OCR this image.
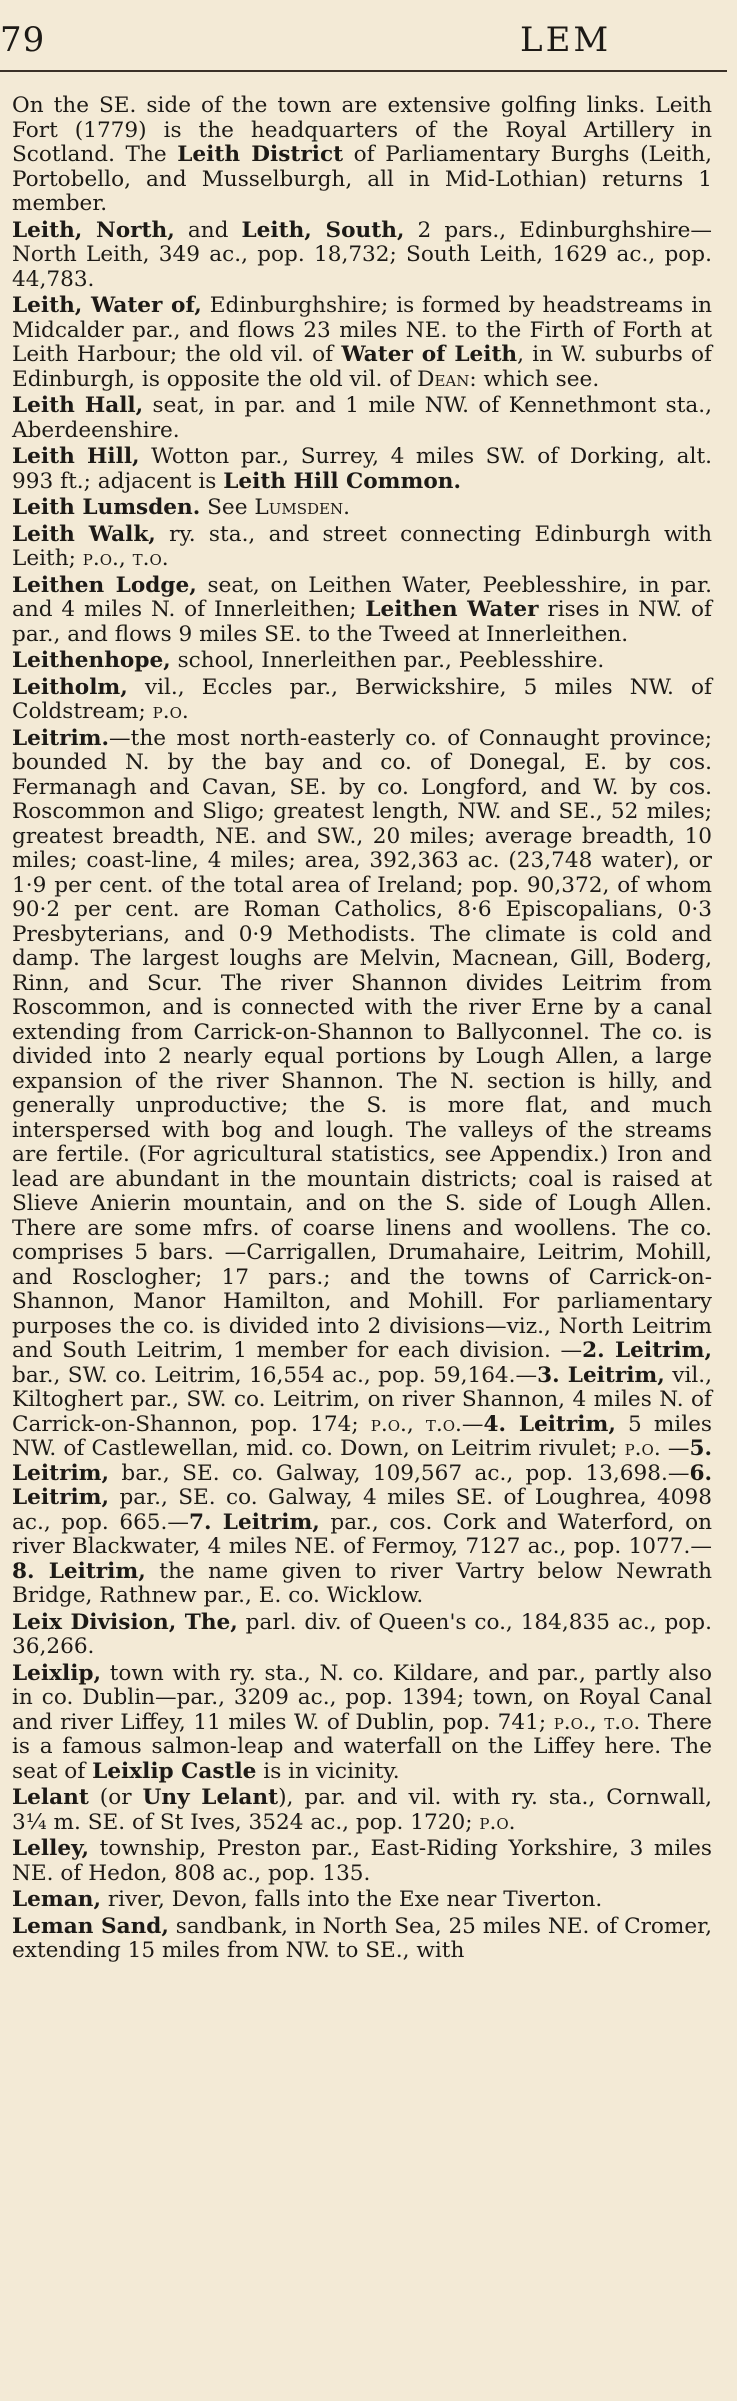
79	LEM

On the SE. side of the town are extensive golfing links. Leith Fort (1779) is the headquarters of the Royal Artillery in Scotland. The Leith District of Parliamentary Burghs (Leith, Portobello, and Musselburgh, all in Mid-Lothian) returns 1 member.

Leith, North, and Leith, South, 2 pars., Edinburghshire—North Leith, 349 ac., pop. 18,732; South Leith, 1629 ac., pop. 44,783.

Leith, Water of, Edinburghshire; is formed by headstreams in Midcalder par., and flows 23 miles NE. to the Firth of Forth at Leith Harbour; the old vil. of Water of Leith, in W. suburbs of Edinburgh, is opposite the old vil. of Dean: which see.

Leith Hall, seat, in par. and 1 mile NW. of Kennethmont sta., Aberdeenshire.

Leith Hill, Wotton par., Surrey, 4 miles SW. of Dorking, alt. 993 ft.; adjacent is Leith Hill Common.

Leith Lumsden. See Lumsden.

Leith Walk, ry. sta., and street connecting Edinburgh with Leith; p.o., t.o.

Leithen Lodge, seat, on Leithen Water, Peeblesshire, in par. and 4 miles N. of Innerleithen; Leithen Water rises in NW. of par., and flows 9 miles SE. to the Tweed at Innerleithen.

Leithenhope, school, Innerleithen par., Peeblesshire.

Leitholm, vil., Eccles par., Berwickshire, 5 miles NW. of Coldstream; p.o.

Leitrim.—the most north-easterly co. of Connaught province; bounded N. by the bay and co. of Donegal, E. by cos. Fermanagh and Cavan, SE. by co. Longford, and W. by cos. Roscommon and Sligo; greatest length, NW. and SE., 52 miles; greatest breadth, NE. and SW., 20 miles; average breadth, 10 miles; coast-line, 4 miles; area, 392,363 ac. (23,748 water), or 1·9 per cent. of the total area of Ireland; pop. 90,372, of whom 90·2 per cent. are Roman Catholics, 8·6 Episcopalians, 0·3 Presbyterians, and 0·9 Methodists. The climate is cold and damp. The largest loughs are Melvin, Macnean, Gill, Boderg, Rinn, and Scur. The river Shannon divides Leitrim from Roscommon, and is connected with the river Erne by a canal extending from Carrick-on-Shannon to Ballyconnel. The co. is divided into 2 nearly equal portions by Lough Allen, a large expansion of the river Shannon. The N. section is hilly, and generally unproductive; the S. is more flat, and much interspersed with bog and lough. The valleys of the streams are fertile. (For agricultural statistics, see Appendix.) Iron and lead are abundant in the mountain districts; coal is raised at Slieve Anierin mountain, and on the S. side of Lough Allen. There are some mfrs. of coarse linens and woollens. The co. comprises 5 bars. —Carrigallen, Drumahaire, Leitrim, Mohill, and Rosclogher; 17 pars.; and the towns of Carrick-on-Shannon, Manor Hamilton, and Mohill. For parliamentary purposes the co. is divided into 2 divisions—viz., North Leitrim and South Leitrim, 1 member for each division. —2. Leitrim, bar., SW. co. Leitrim, 16,554 ac., pop. 59,164.—3. Leitrim, vil., Kiltoghert par., SW. co. Leitrim, on river Shannon, 4 miles N. of Carrick-on-Shannon, pop. 174; p.o., t.o.—4. Leitrim, 5 miles NW. of Castlewellan, mid. co. Down, on Leitrim rivulet; p.o. —5. Leitrim, bar., SE. co. Galway, 109,567 ac., pop. 13,698.—6. Leitrim, par., SE. co. Galway, 4 miles SE. of Loughrea, 4098 ac., pop. 665.—7. Leitrim, par., cos. Cork and Waterford, on river Blackwater, 4 miles NE. of Fermoy, 7127 ac., pop. 1077.—8. Leitrim, the name given to river Vartry below Newrath Bridge, Rathnew par., E. co. Wicklow.

Leix Division, The, parl. div. of Queen's co., 184,835 ac., pop. 36,266.

Leixlip, town with ry. sta., N. co. Kildare, and par., partly also in co. Dublin—par., 3209 ac., pop. 1394; town, on Royal Canal and river Liffey, 11 miles W. of Dublin, pop. 741; p.o., t.o. There is a famous salmon-leap and waterfall on the Liffey here. The seat of Leixlip Castle is in vicinity.

Lelant (or Uny Lelant), par. and vil. with ry. sta., Cornwall, 3¼ m. SE. of St Ives, 3524 ac., pop. 1720; p.o.

Lelley, township, Preston par., East-Riding Yorkshire, 3 miles NE. of Hedon, 808 ac., pop. 135.

Leman, river, Devon, falls into the Exe near Tiverton.

Leman Sand, sandbank, in North Sea, 25 miles NE. of Cromer, extending 15 miles from NW. to SE., with
